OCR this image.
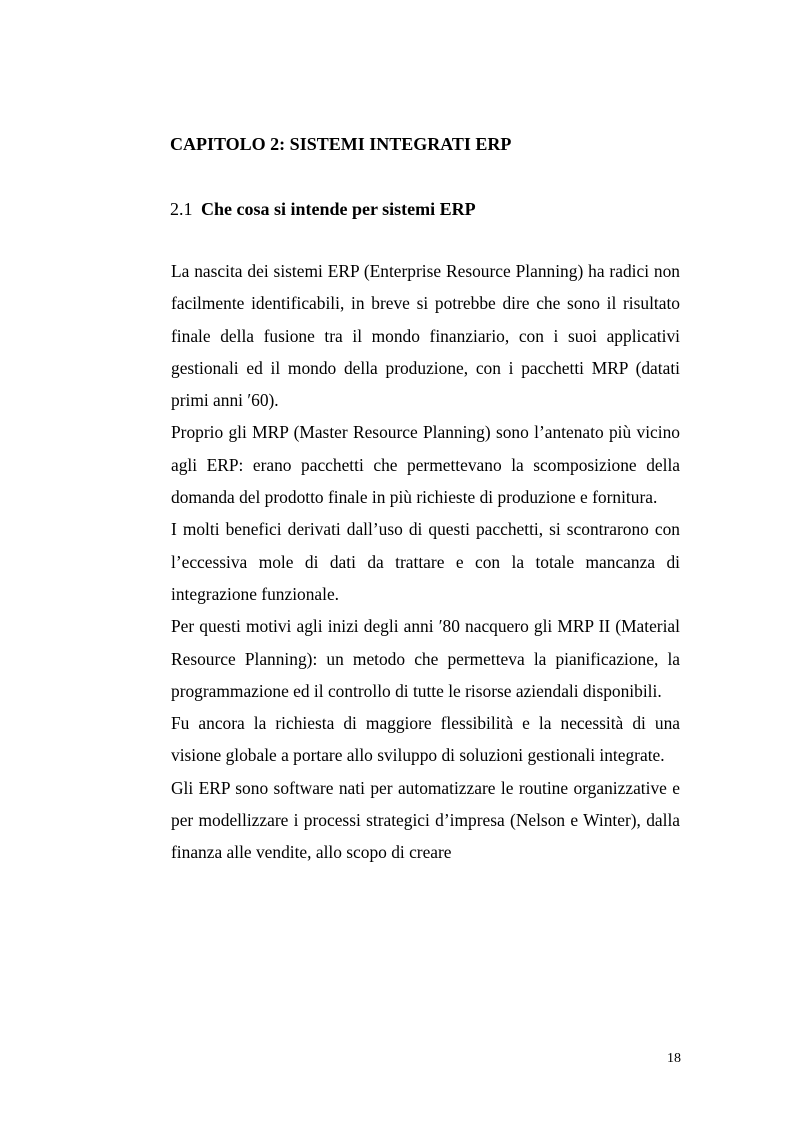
CAPITOLO 2: SISTEMI INTEGRATI ERP
2.1 Che cosa si intende per sistemi ERP

La nascita dei sistemi ERP (Enterprise Resource Planning) ha radici non facilmente identificabili, in breve si potrebbe dire che sono il risultato finale della fusione tra il mondo finanziario, con i suoi applicativi gestionali ed il mondo della produzione, con i pacchetti MRP (datati primi anni ′60).

Proprio gli MRP (Master Resource Planning) sono l’antenato più vicino agli ERP: erano pacchetti che permettevano la scomposizione della domanda del prodotto finale in più richieste di produzione e fornitura.

I molti benefici derivati dall’uso di questi pacchetti, si scontrarono con l’eccessiva mole di dati da trattare e con la totale mancanza di integrazione funzionale.

Per questi motivi agli inizi degli anni ′80 nacquero gli MRP II (Material Resource Planning): un metodo che permetteva la pianificazione, la programmazione ed il controllo di tutte le risorse aziendali disponibili.

Fu ancora la richiesta di maggiore flessibilità e la necessità di una visione globale a portare allo sviluppo di soluzioni gestionali integrate.

Gli ERP sono software nati per automatizzare le routine organizzative e per modellizzare i processi strategici d’impresa (Nelson e Winter), dalla finanza alle vendite, allo scopo di creare

18
